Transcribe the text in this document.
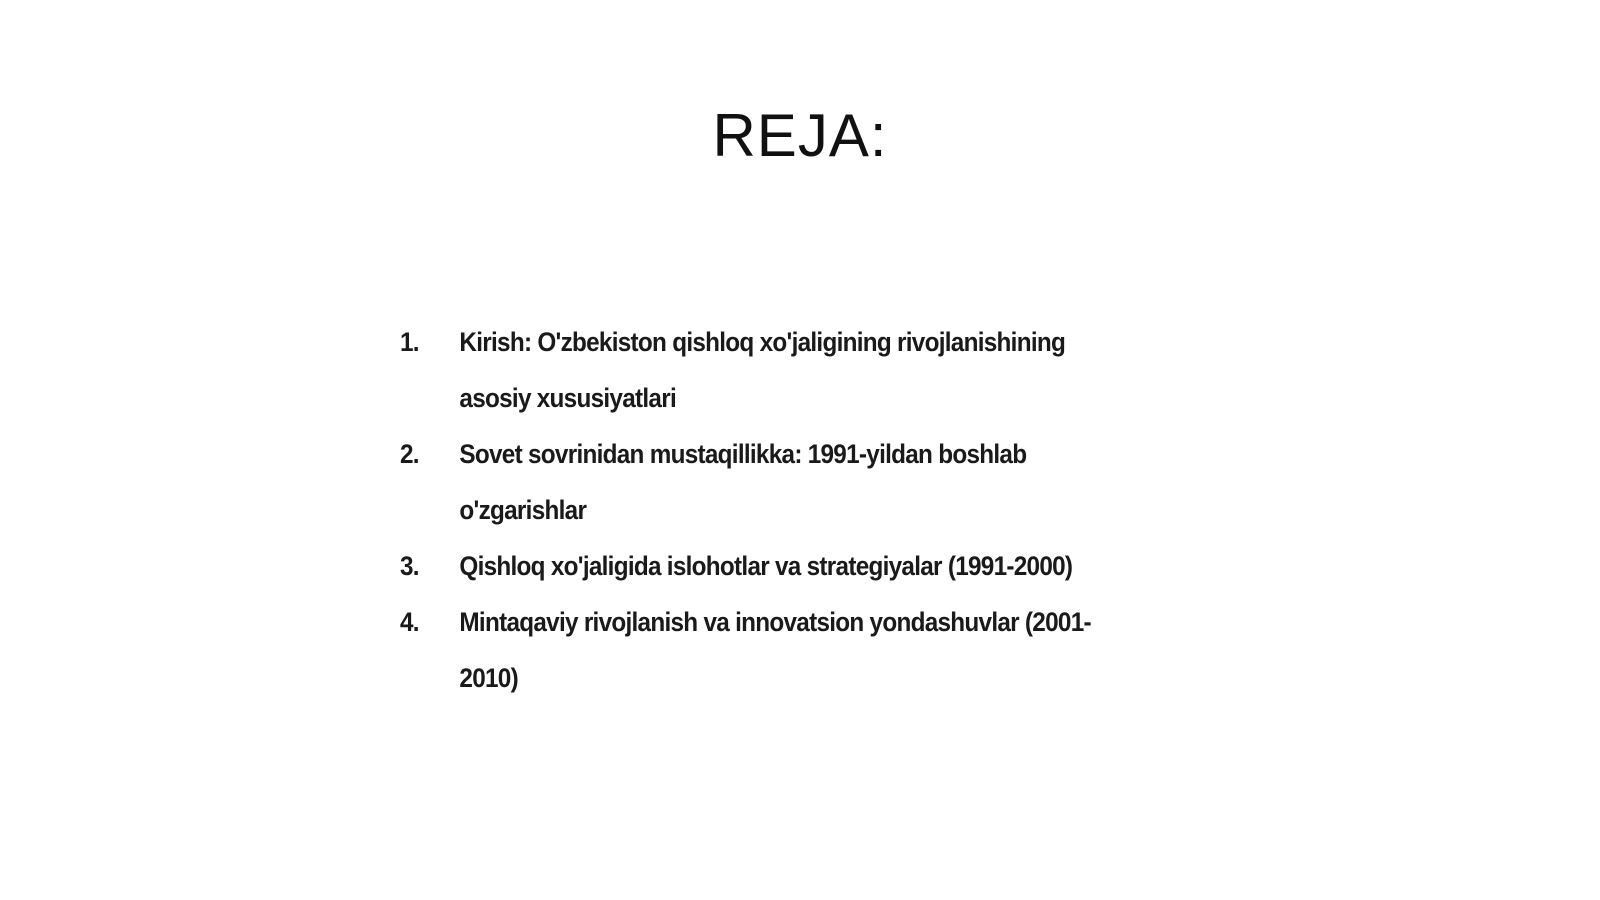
REJA:
1.	Kirish: O'zbekiston qishloq xo'jaligining rivojlanishining asosiy xususiyatlari
2.	Sovet sovrinidan mustaqillikka: 1991-yildan boshlab o'zgarishlar
3.	Qishloq xo'jaligida islohotlar va strategiyalar (1991-2000)
4.	Mintaqaviy rivojlanish va innovatsion yondashuvlar (2001-2010)
